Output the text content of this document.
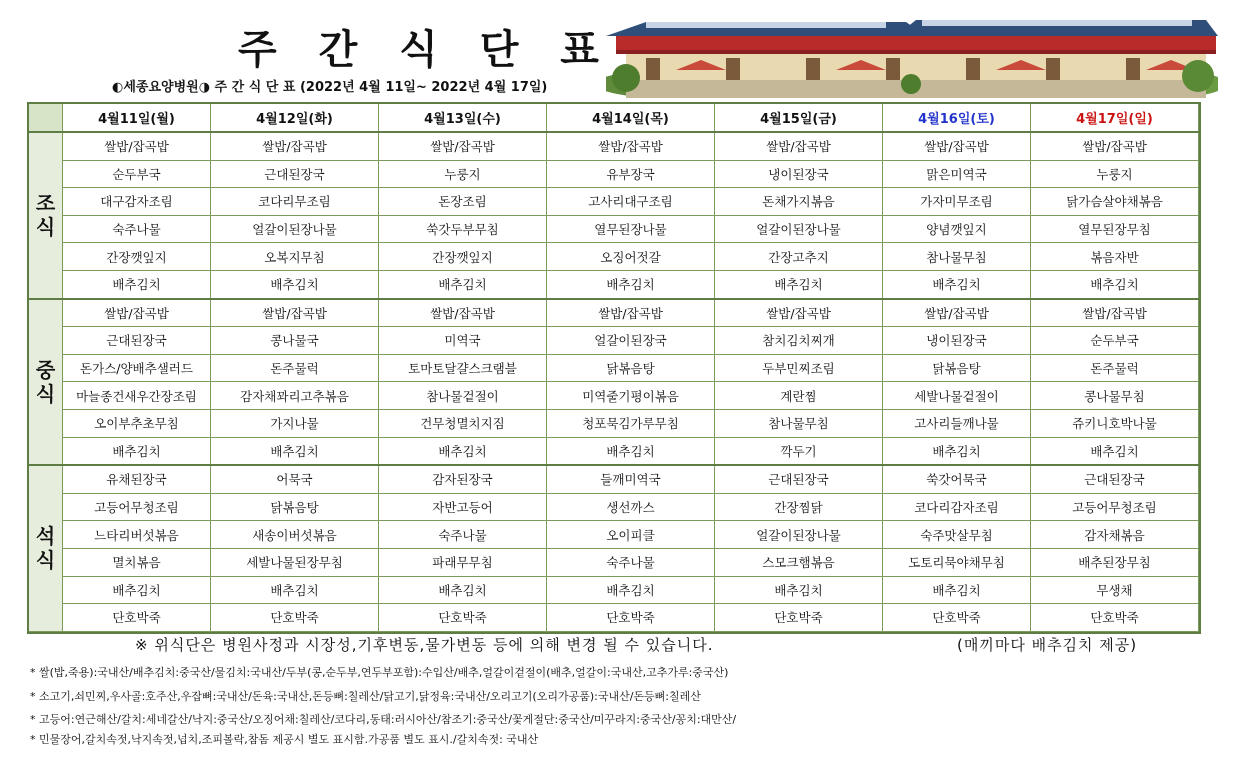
주 간 식 단 표
◐세종요양병원◑ 주 간 식 단 표 (2022년 4월 11일~ 2022년 4월 17일)
	4월11일(월)	4월12일(화)	4월13일(수)	4월14일(목)	4월15일(금)	4월16일(토)	4월17일(일)
조
식	쌀밥/잡곡밥	쌀밥/잡곡밥	쌀밥/잡곡밥	쌀밥/잡곡밥	쌀밥/잡곡밥	쌀밥/잡곡밥	쌀밥/잡곡밥
	순두부국	근대된장국	누룽지	유부장국	냉이된장국	맑은미역국	누룽지
	대구감자조림	코다리무조림	돈장조림	고사리대구조림	돈채가지볶음	가자미무조림	닭가슴살야채볶음
	숙주나물	얼갈이된장나물	쑥갓두부무침	열무된장나물	얼갈이된장나물	양념깻잎지	열무된장무침
	간장깻잎지	오복지무침	간장깻잎지	오징어젓갈	간장고추지	참나물무침	볶음자반
	배추김치	배추김치	배추김치	배추김치	배추김치	배추김치	배추김치
중
식	쌀밥/잡곡밥	쌀밥/잡곡밥	쌀밥/잡곡밥	쌀밥/잡곡밥	쌀밥/잡곡밥	쌀밥/잡곡밥	쌀밥/잡곡밥
	근대된장국	콩나물국	미역국	얼갈이된장국	참치김치찌개	냉이된장국	순두부국
	돈가스/양배추샐러드	돈주물럭	토마토달걀스크램블	닭볶음탕	두부민찌조림	닭볶음탕	돈주물럭
	마늘종건새우간장조림	감자채꽈리고추볶음	참나물겉절이	미역줄기평이볶음	계란찜	세발나물겉절이	콩나물무침
	오이부추초무침	가지나물	건무청멸치지짐	청포묵김가루무침	참나물무침	고사리들깨나물	쥬키니호박나물
	배추김치	배추김치	배추김치	배추김치	깍두기	배추김치	배추김치
석
식	유채된장국	어묵국	감자된장국	들깨미역국	근대된장국	쑥갓어묵국	근대된장국
	고등어무청조림	닭볶음탕	자반고등어	생선까스	간장찜닭	코다리감자조림	고등어무청조림
	느타리버섯볶음	새송이버섯볶음	숙주나물	오이피클	얼갈이된장나물	숙주맛살무침	감자채볶음
	멸치볶음	세발나물된장무침	파래무무침	숙주나물	스모크햄볶음	도토리묵야채무침	배추된장무침
	배추김치	배추김치	배추김치	배추김치	배추김치	배추김치	무생채
	단호박죽	단호박죽	단호박죽	단호박죽	단호박죽	단호박죽	단호박죽
※ 위식단은 병원사정과 시장성,기후변동,물가변동 등에 의해 변경 될 수 있습니다.	(매끼마다 배추김치 제공)
* 쌀(밥,죽용):국내산/배추김치:중국산/물김치:국내산/두부(콩,순두부,연두부포함):수입산/배추,얼갈이겉절이(배추,얼갈이:국내산,고추가루:중국산)
* 소고기,쇠민찌,우사골:호주산,우잡뼈:국내산/돈육:국내산,돈등뼈:칠레산/닭고기,닭정육:국내산/오리고기(오리가공품):국내산/돈등뼈:칠레산
* 고등어:연근해산/갈치:세네갈산/낙지:중국산/오징어채:칠레산/코다리,동태:러시아산/참조기:중국산/꽃게절단:중국산/미꾸라지:중국산/꽁치:대만산/
* 민물장어,갈치속젓,낙지속젓,넙치,조피볼락,참돔 제공시 별도 표시함.가공품 별도 표시./갈치속젓: 국내산
